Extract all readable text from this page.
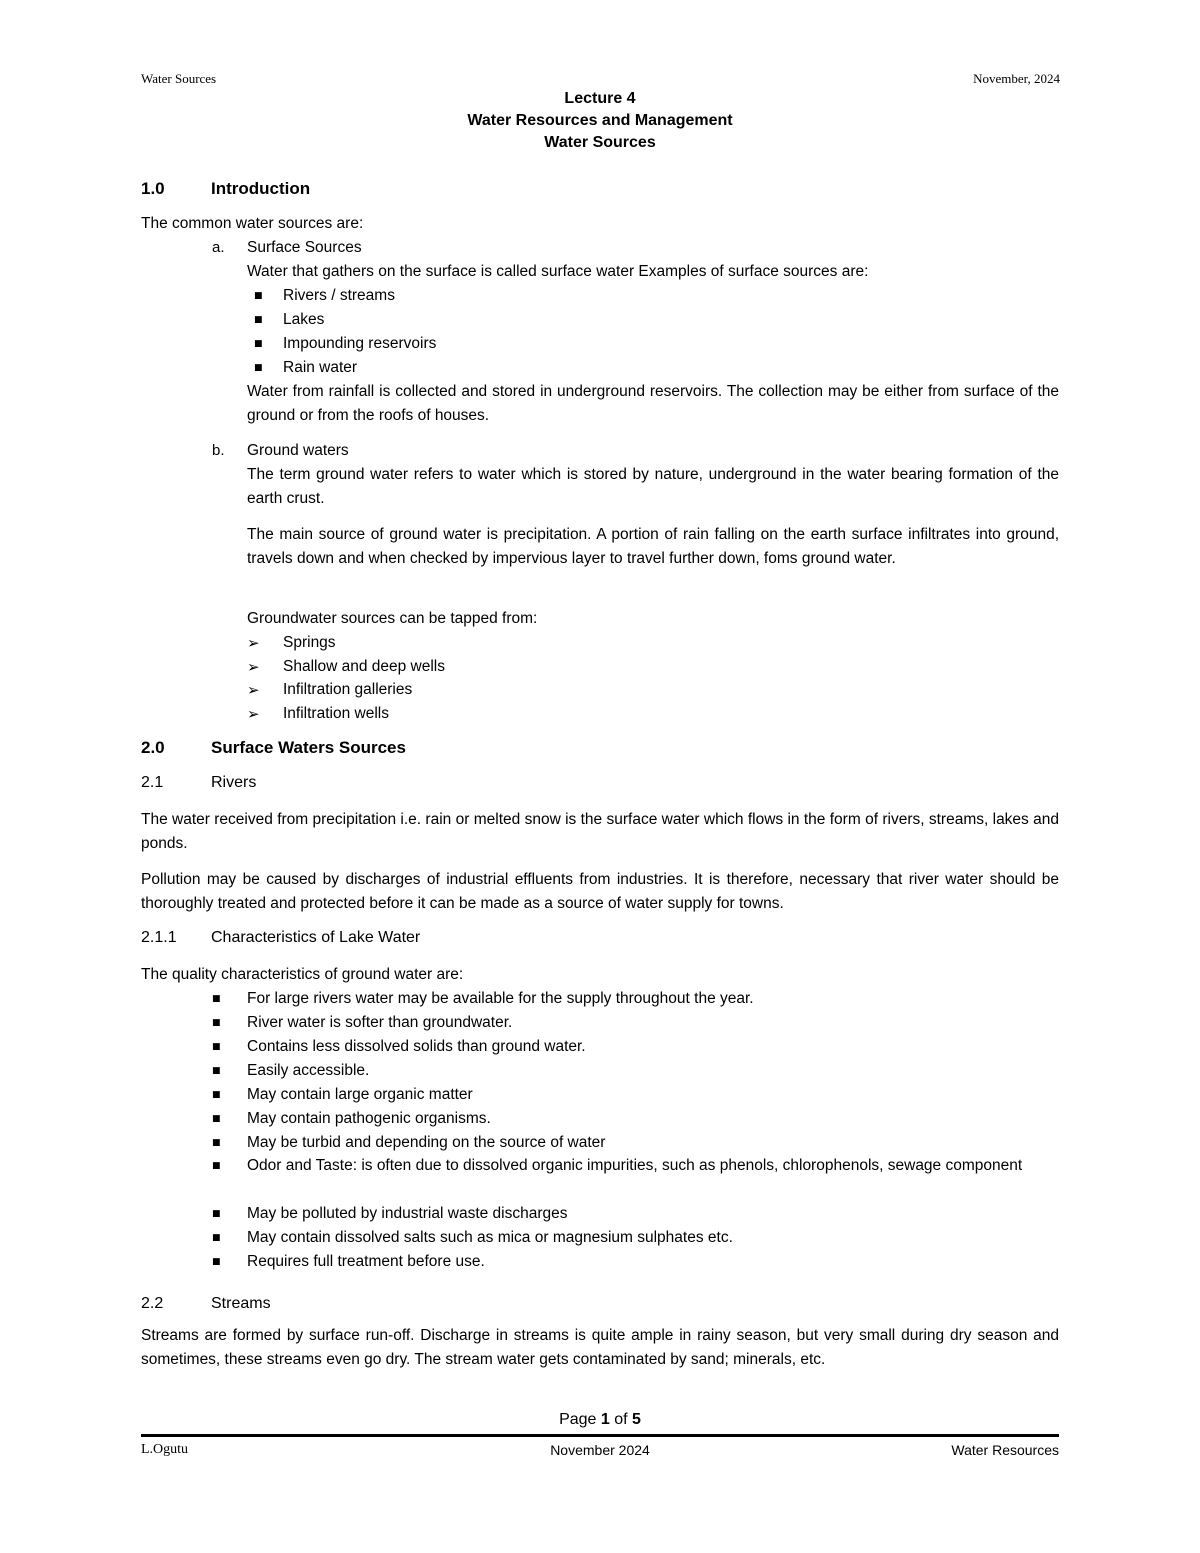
Water Sources	November, 2024
Lecture 4
Water Resources and Management
Water Sources
1.0	Introduction
The common water sources are:
a. Surface Sources
Water that gathers on the surface is called surface water Examples of surface sources are:
■ Rivers / streams
■ Lakes
■ Impounding reservoirs
■ Rain water
Water from rainfall is collected and stored in underground reservoirs. The collection may be either from surface of the ground or from the roofs of houses.
b. Ground waters
The term ground water refers to water which is stored by nature, underground in the water bearing formation of the earth crust.
The main source of ground water is precipitation. A portion of rain falling on the earth surface infiltrates into ground, travels down and when checked by impervious layer to travel further down, foms ground water.
Groundwater sources can be tapped from:
➢ Springs
➢ Shallow and deep wells
➢ Infiltration galleries
➢ Infiltration wells
2.0	Surface Waters Sources
2.1	Rivers
The water received from precipitation i.e. rain or melted snow is the surface water which flows in the form of rivers, streams, lakes and ponds.
Pollution may be caused by discharges of industrial effluents from industries. It is therefore, necessary that river water should be thoroughly treated and protected before it can be made as a source of water supply for towns.
2.1.1 Characteristics of Lake Water
The quality characteristics of ground water are:
■ For large rivers water may be available for the supply throughout the year.
■ River water is softer than groundwater.
■ Contains less dissolved solids than ground water.
■ Easily accessible.
■ May contain large organic matter
■ May contain pathogenic organisms.
■ May be turbid and depending on the source of water
■ Odor and Taste: is often due to dissolved organic impurities, such as phenols, chlorophenols, sewage component
■ May be polluted by industrial waste discharges
■ May contain dissolved salts such as mica or magnesium sulphates etc.
■ Requires full treatment before use.
2.2	Streams
Streams are formed by surface run-off. Discharge in streams is quite ample in rainy season, but very small during dry season and sometimes, these streams even go dry. The stream water gets contaminated by sand; minerals, etc.
Page 1 of 5
L.Ogutu	November 2024	Water Resources
